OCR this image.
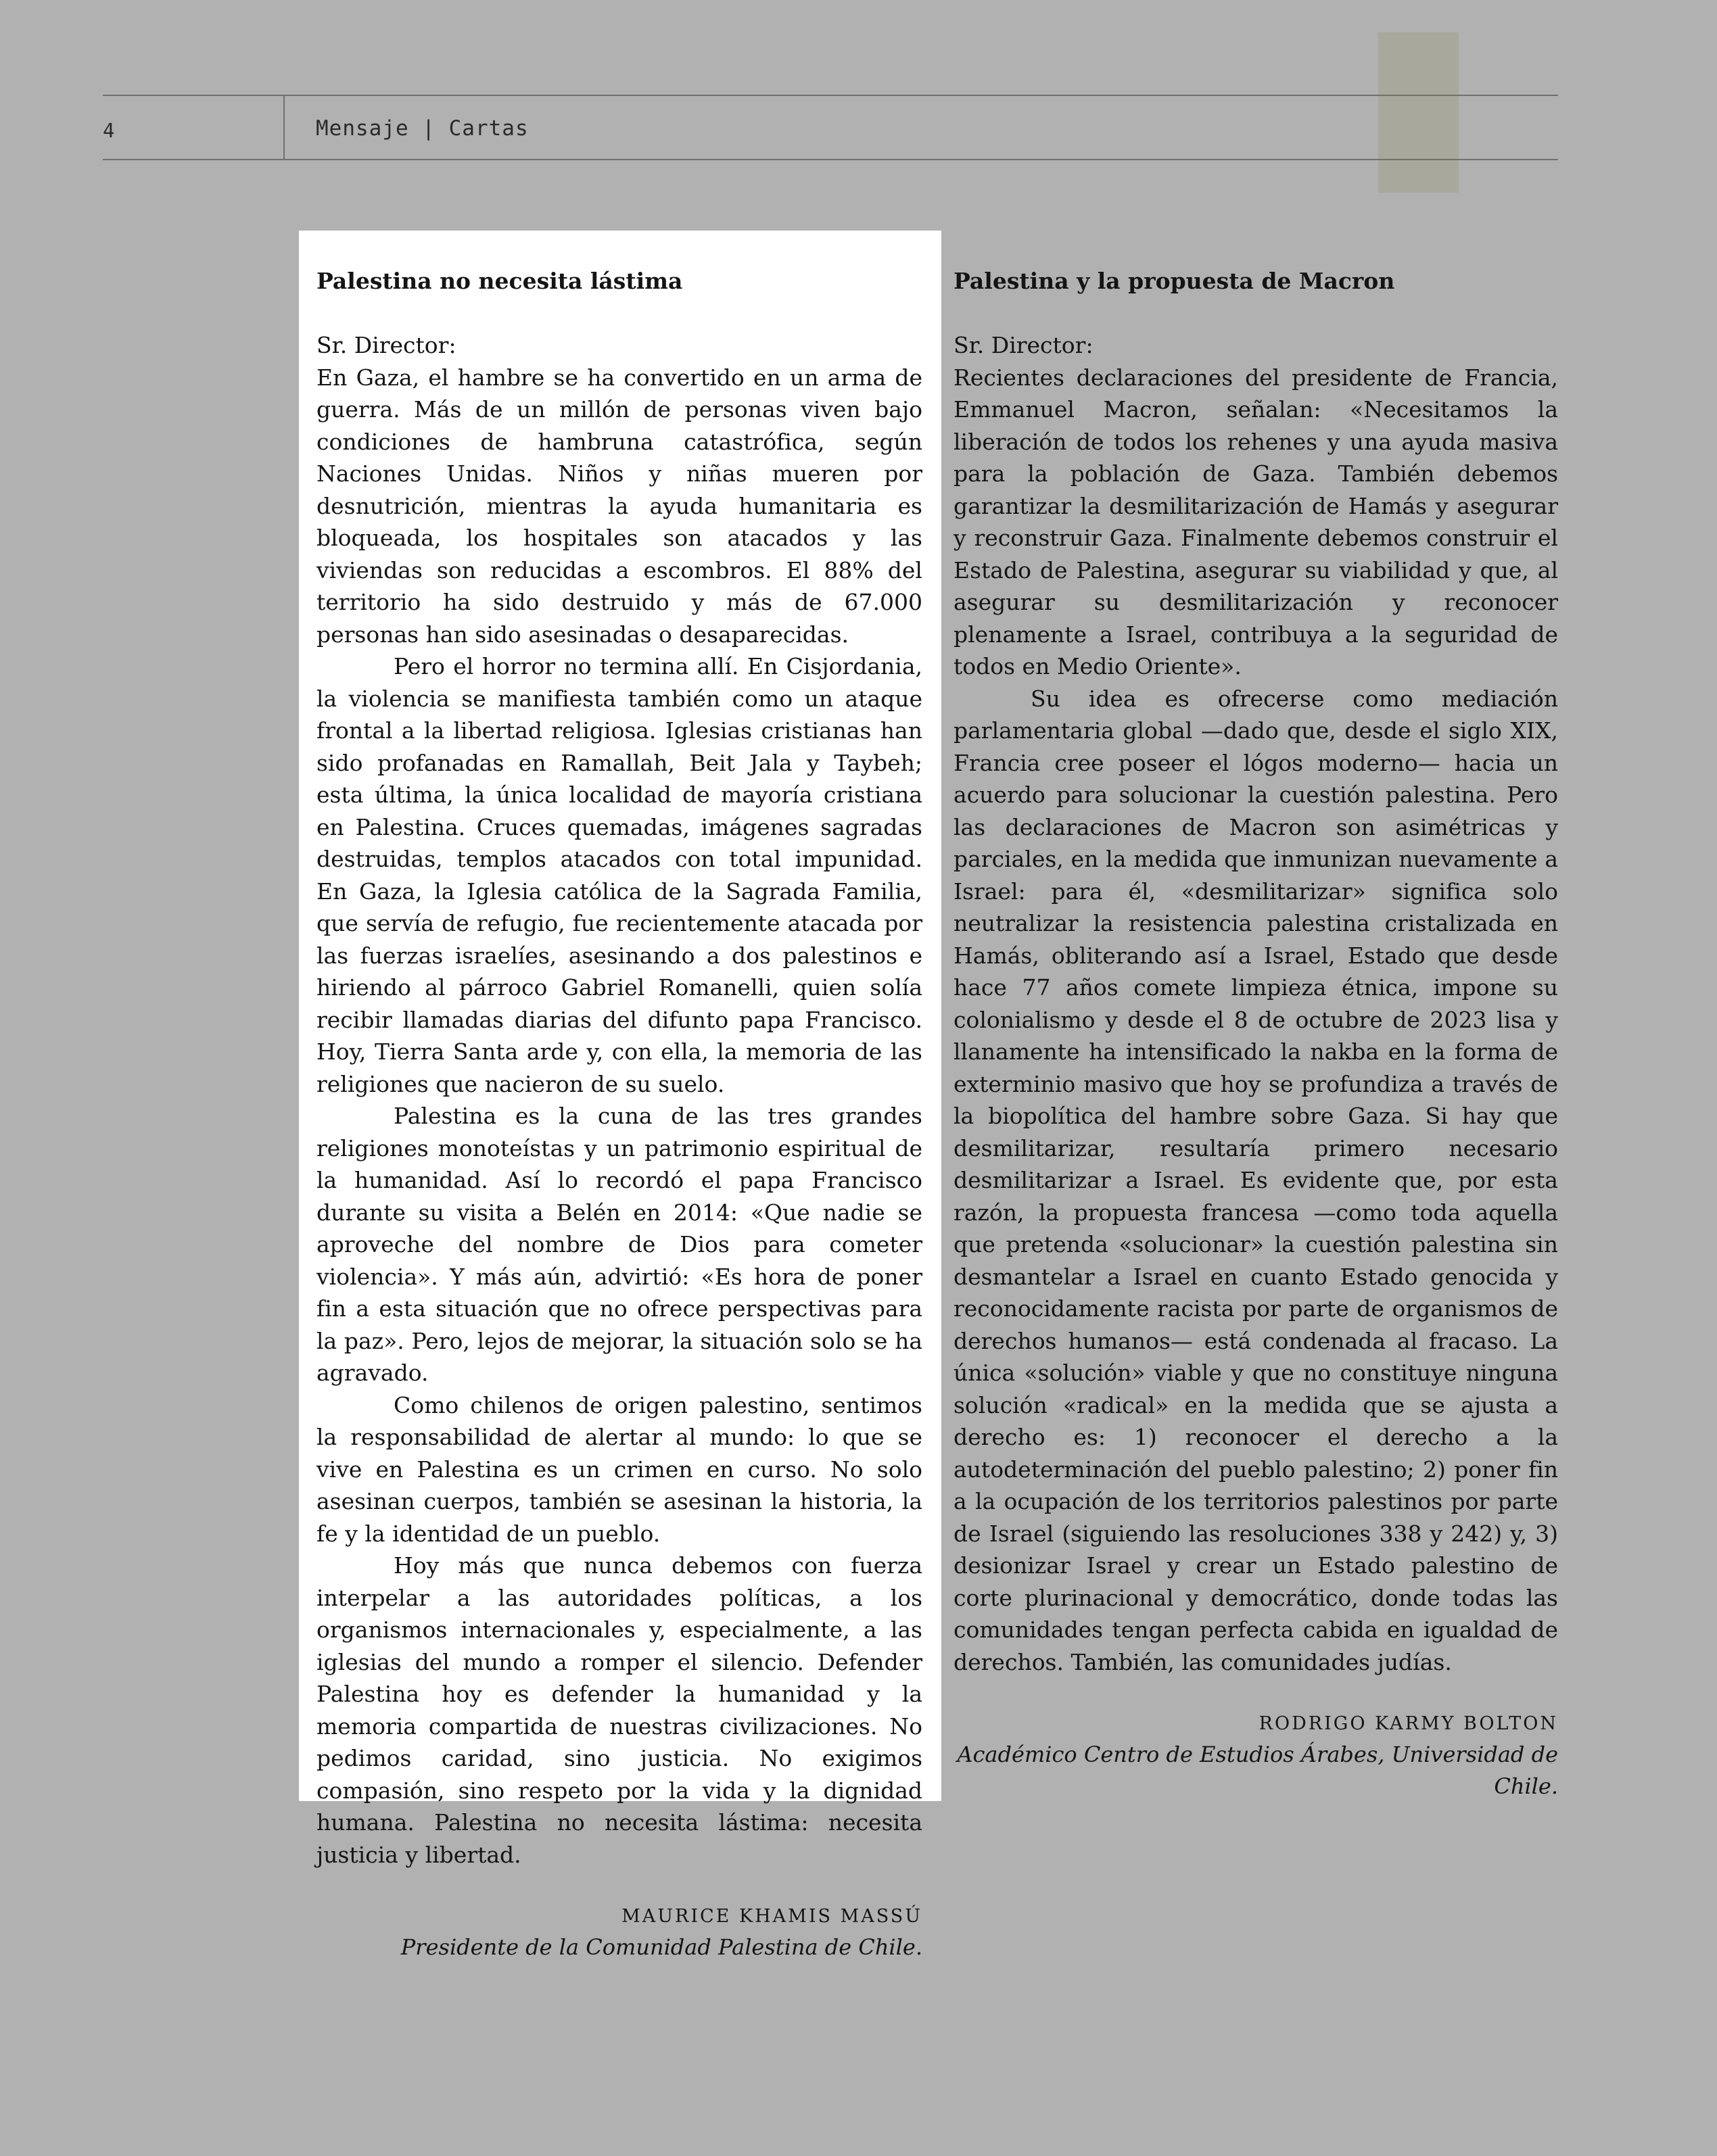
4	Mensaje | Cartas
Palestina no necesita lástima

Sr. Director:

En Gaza, el hambre se ha convertido en un arma de guerra. Más de un millón de personas viven bajo condiciones de hambruna catastrófica, según Naciones Unidas. Niños y niñas mueren por desnutrición, mientras la ayuda humanitaria es bloqueada, los hospitales son atacados y las viviendas son reducidas a escombros. El 88% del territorio ha sido destruido y más de 67.000 personas han sido asesinadas o desaparecidas.

Pero el horror no termina allí. En Cisjordania, la violencia se manifiesta también como un ataque frontal a la libertad religiosa. Iglesias cristianas han sido profanadas en Ramallah, Beit Jala y Taybeh; esta última, la única localidad de mayoría cristiana en Palestina. Cruces quemadas, imágenes sagradas destruidas, templos atacados con total impunidad. En Gaza, la Iglesia católica de la Sagrada Familia, que servía de refugio, fue recientemente atacada por las fuerzas israelíes, asesinando a dos palestinos e hiriendo al párroco Gabriel Romanelli, quien solía recibir llamadas diarias del difunto papa Francisco. Hoy, Tierra Santa arde y, con ella, la memoria de las religiones que nacieron de su suelo.

Palestina es la cuna de las tres grandes religiones monoteístas y un patrimonio espiritual de la humanidad. Así lo recordó el papa Francisco durante su visita a Belén en 2014: «Que nadie se aproveche del nombre de Dios para cometer violencia». Y más aún, advirtió: «Es hora de poner fin a esta situación que no ofrece perspectivas para la paz». Pero, lejos de mejorar, la situación solo se ha agravado.

Como chilenos de origen palestino, sentimos la responsabilidad de alertar al mundo: lo que se vive en Palestina es un crimen en curso. No solo asesinan cuerpos, también se asesinan la historia, la fe y la identidad de un pueblo.

Hoy más que nunca debemos con fuerza interpelar a las autoridades políticas, a los organismos internacionales y, especialmente, a las iglesias del mundo a romper el silencio. Defender Palestina hoy es defender la humanidad y la memoria compartida de nuestras civilizaciones. No pedimos caridad, sino justicia. No exigimos compasión, sino respeto por la vida y la dignidad humana. Palestina no necesita lástima: necesita justicia y libertad.

MAURICE KHAMIS MASSÚ
Presidente de la Comunidad Palestina de Chile.
Palestina y la propuesta de Macron

Sr. Director:

Recientes declaraciones del presidente de Francia, Emmanuel Macron, señalan: «Necesitamos la liberación de todos los rehenes y una ayuda masiva para la población de Gaza. También debemos garantizar la desmilitarización de Hamás y asegurar y reconstruir Gaza. Finalmente debemos construir el Estado de Palestina, asegurar su viabilidad y que, al asegurar su desmilitarización y reconocer plenamente a Israel, contribuya a la seguridad de todos en Medio Oriente».

Su idea es ofrecerse como mediación parlamentaria global —dado que, desde el siglo XIX, Francia cree poseer el lógos moderno— hacia un acuerdo para solucionar la cuestión palestina. Pero las declaraciones de Macron son asimétricas y parciales, en la medida que inmunizan nuevamente a Israel: para él, «desmilitarizar» significa solo neutralizar la resistencia palestina cristalizada en Hamás, obliterando así a Israel, Estado que desde hace 77 años comete limpieza étnica, impone su colonialismo y desde el 8 de octubre de 2023 lisa y llanamente ha intensificado la nakba en la forma de exterminio masivo que hoy se profundiza a través de la biopolítica del hambre sobre Gaza. Si hay que desmilitarizar, resultaría primero necesario desmilitarizar a Israel. Es evidente que, por esta razón, la propuesta francesa —como toda aquella que pretenda «solucionar» la cuestión palestina sin desmantelar a Israel en cuanto Estado genocida y reconocidamente racista por parte de organismos de derechos humanos— está condenada al fracaso. La única «solución» viable y que no constituye ninguna solución «radical» en la medida que se ajusta a derecho es: 1) reconocer el derecho a la autodeterminación del pueblo palestino; 2) poner fin a la ocupación de los territorios palestinos por parte de Israel (siguiendo las resoluciones 338 y 242) y, 3) desionizar Israel y crear un Estado palestino de corte plurinacional y democrático, donde todas las comunidades tengan perfecta cabida en igualdad de derechos. También, las comunidades judías.

RODRIGO KARMY BOLTON
Académico Centro de Estudios Árabes, Universidad de Chile.
